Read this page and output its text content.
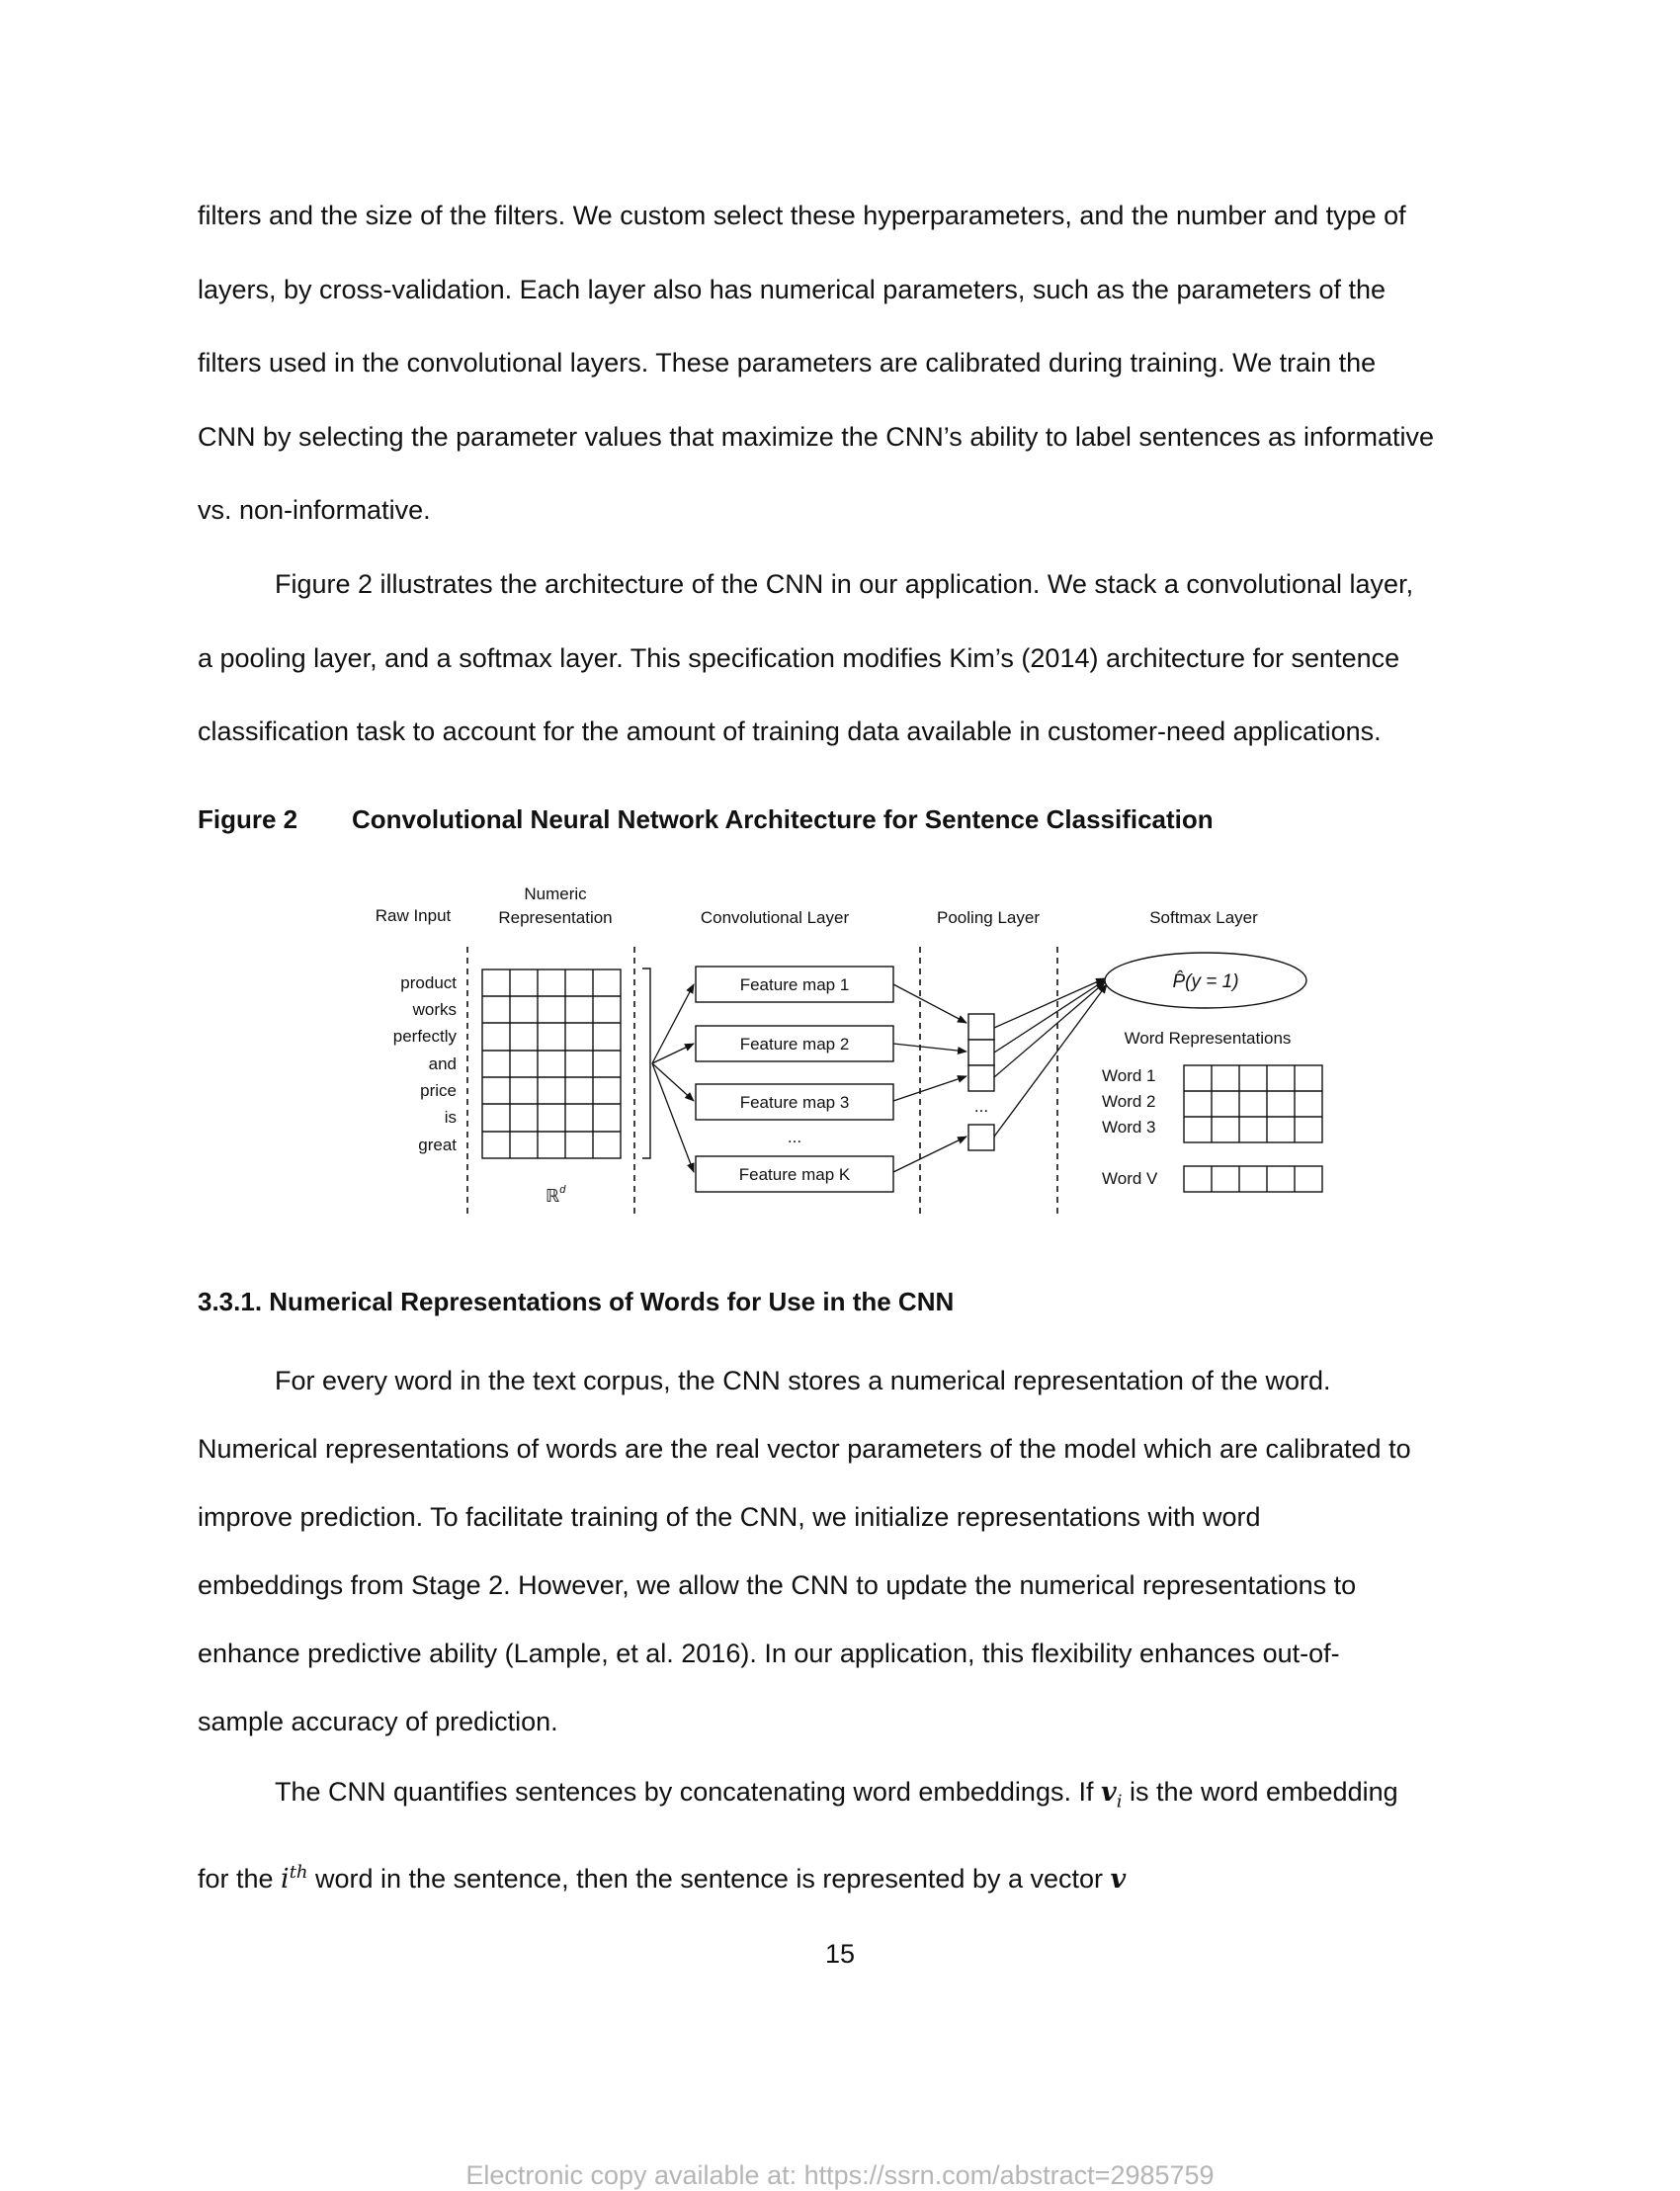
filters and the size of the filters. We custom select these hyperparameters, and the number and type of
layers, by cross-validation. Each layer also has numerical parameters, such as the parameters of the
filters used in the convolutional layers. These parameters are calibrated during training. We train the
CNN by selecting the parameter values that maximize the CNN’s ability to label sentences as informative
vs. non-informative.

Figure 2 illustrates the architecture of the CNN in our application. We stack a convolutional layer,
a pooling layer, and a softmax layer. This specification modifies Kim’s (2014) architecture for sentence
classification task to account for the amount of training data available in customer-need applications.

Figure 2 Convolutional Neural Network Architecture for Sentence Classification
Raw Input
Numeric
Representation	Convolutional Layer	Pooling Layer	Softmax Layer
product
works
perfectly
and
price
is
great
ℝ$^d$
Feature map 1
Feature map 2
Feature map 3
...
Feature map K
...
P̂(y = 1)
Word Representations
Word 1
Word 2
Word 3
Word V
3.3.1. Numerical Representations of Words for Use in the CNN

For every word in the text corpus, the CNN stores a numerical representation of the word.
Numerical representations of words are the real vector parameters of the model which are calibrated to
improve prediction. To facilitate training of the CNN, we initialize representations with word
embeddings from Stage 2. However, we allow the CNN to update the numerical representations to
enhance predictive ability (Lample, et al. 2016). In our application, this flexibility enhances out-of-
sample accuracy of prediction.

The CNN quantifies sentences by concatenating word embeddings. If $v_i$ is the word embedding
for the $i^{th}$ word in the sentence, then the sentence is represented by a vector v

15
Electronic copy available at: https://ssrn.com/abstract=2985759
